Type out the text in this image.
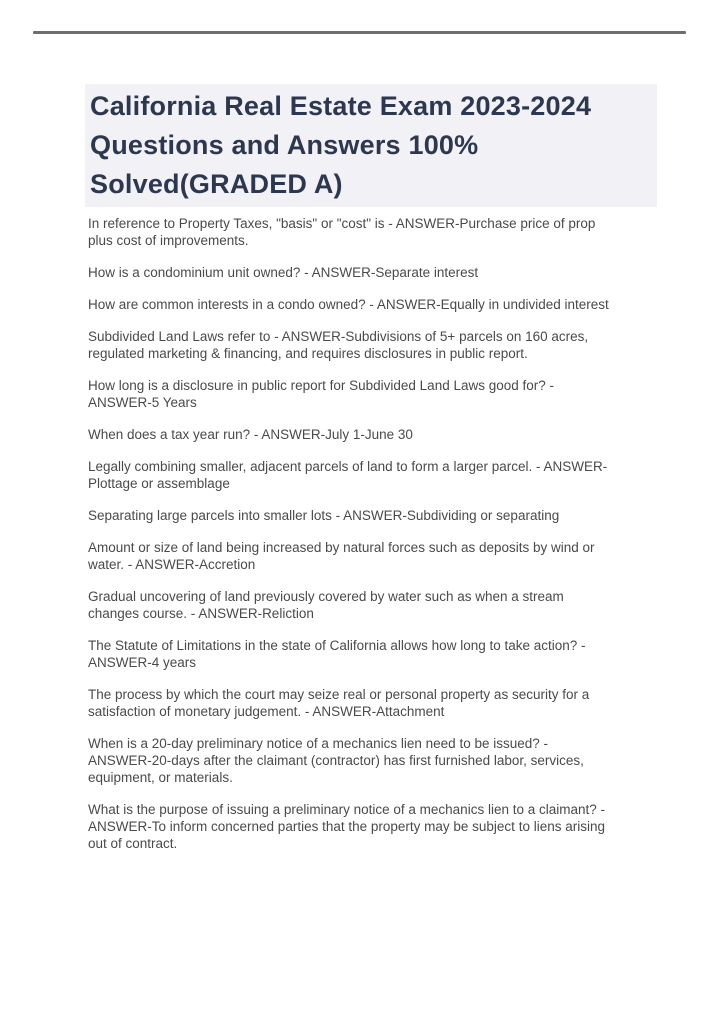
California Real Estate Exam 2023-2024
Questions and Answers 100%
Solved(GRADED A)
In reference to Property Taxes, "basis" or "cost" is - ANSWER-Purchase price of prop
plus cost of improvements.
How is a condominium unit owned? - ANSWER-Separate interest
How are common interests in a condo owned? - ANSWER-Equally in undivided interest
Subdivided Land Laws refer to - ANSWER-Subdivisions of 5+ parcels on 160 acres,
regulated marketing & financing, and requires disclosures in public report.
How long is a disclosure in public report for Subdivided Land Laws good for? -
ANSWER-5 Years
When does a tax year run? - ANSWER-July 1-June 30
Legally combining smaller, adjacent parcels of land to form a larger parcel. - ANSWER-
Plottage or assemblage
Separating large parcels into smaller lots - ANSWER-Subdividing or separating
Amount or size of land being increased by natural forces such as deposits by wind or
water. - ANSWER-Accretion
Gradual uncovering of land previously covered by water such as when a stream
changes course. - ANSWER-Reliction
The Statute of Limitations in the state of California allows how long to take action? -
ANSWER-4 years
The process by which the court may seize real or personal property as security for a
satisfaction of monetary judgement. - ANSWER-Attachment
When is a 20-day preliminary notice of a mechanics lien need to be issued? -
ANSWER-20-days after the claimant (contractor) has first furnished labor, services,
equipment, or materials.
What is the purpose of issuing a preliminary notice of a mechanics lien to a claimant? -
ANSWER-To inform concerned parties that the property may be subject to liens arising
out of contract.
